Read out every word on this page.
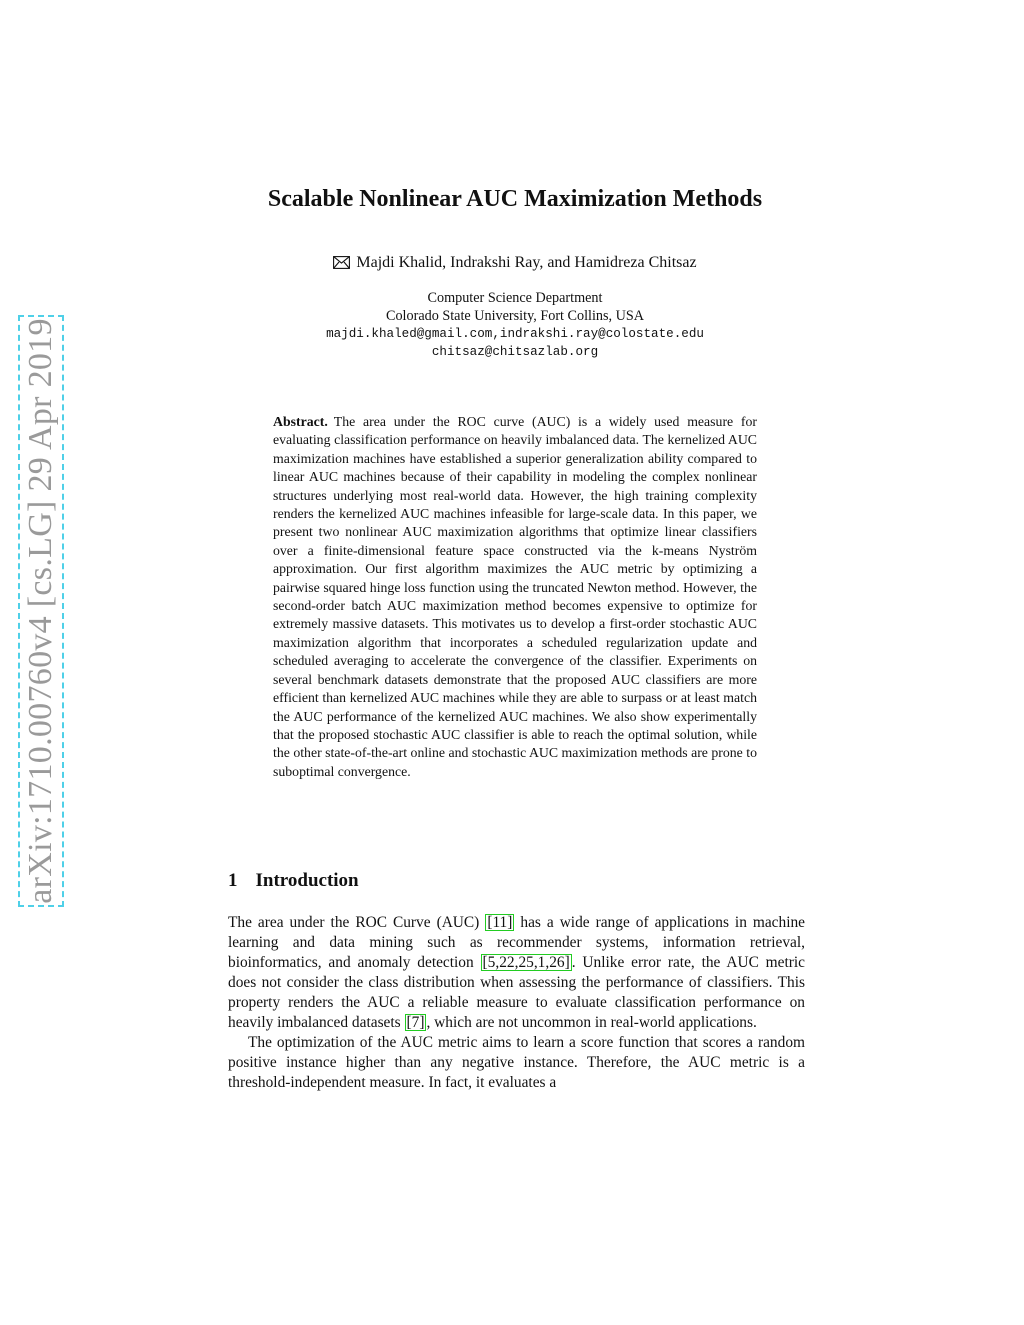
arXiv:1710.00760v4 [cs.LG] 29 Apr 2019
Scalable Nonlinear AUC Maximization Methods
Majdi Khalid, Indrakshi Ray, and Hamidreza Chitsaz
Computer Science Department
Colorado State University, Fort Collins, USA
majdi.khaled@gmail.com,indrakshi.ray@colostate.edu
chitsaz@chitsazlab.org
Abstract. The area under the ROC curve (AUC) is a widely used measure for evaluating classification performance on heavily imbalanced data. The kernelized AUC maximization machines have established a superior generalization ability compared to linear AUC machines because of their capability in modeling the complex nonlinear structures underlying most real-world data. However, the high training complexity renders the kernelized AUC machines infeasible for large-scale data. In this paper, we present two nonlinear AUC maximization algorithms that optimize linear classifiers over a finite-dimensional feature space constructed via the k-means Nyström approximation. Our first algorithm maximizes the AUC metric by optimizing a pairwise squared hinge loss function using the truncated Newton method. However, the second-order batch AUC maximization method becomes expensive to optimize for extremely massive datasets. This motivates us to develop a first-order stochastic AUC maximization algorithm that incorporates a scheduled regularization update and scheduled averaging to accelerate the convergence of the classifier. Experiments on several benchmark datasets demonstrate that the proposed AUC classifiers are more efficient than kernelized AUC machines while they are able to surpass or at least match the AUC performance of the kernelized AUC machines. We also show experimentally that the proposed stochastic AUC classifier is able to reach the optimal solution, while the other state-of-the-art online and stochastic AUC maximization methods are prone to suboptimal convergence.
1 Introduction

The area under the ROC Curve (AUC) [11] has a wide range of applications in machine learning and data mining such as recommender systems, information retrieval, bioinformatics, and anomaly detection [5,22,25,1,26] . Unlike error rate, the AUC metric does not consider the class distribution when assessing the performance of classifiers. This property renders the AUC a reliable measure to evaluate classification performance on heavily imbalanced datasets [7] , which are not uncommon in real-world applications.

The optimization of the AUC metric aims to learn a score function that scores a random positive instance higher than any negative instance. Therefore, the AUC metric is a threshold-independent measure. In fact, it evaluates a
